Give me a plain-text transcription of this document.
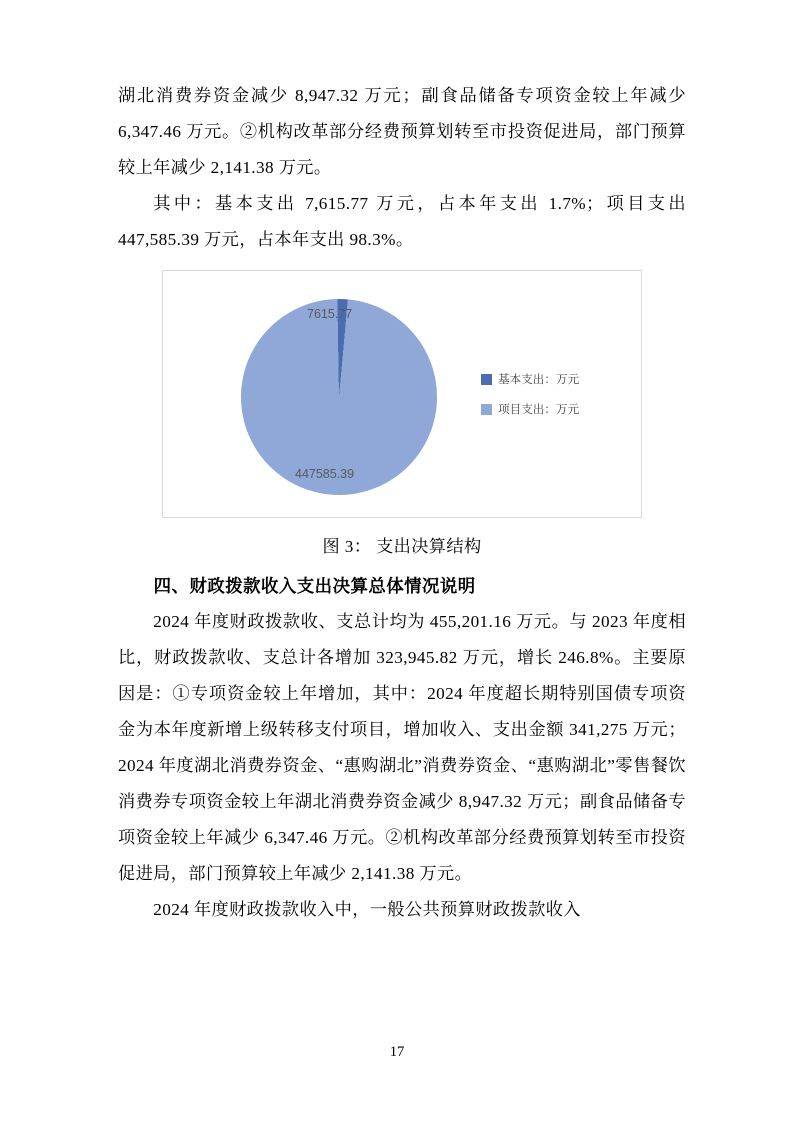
湖北消费券资金减少 8,947.32 万元；副食品储备专项资金较上年减少 6,347.46 万元。②机构改革部分经费预算划转至市投资促进局，部门预算较上年减少 2,141.38 万元。

其中：基本支出 7,615.77 万元，占本年支出 1.7%；项目支出 447,585.39 万元，占本年支出 98.3%。

7615.77
447585.39
基本支出：万元
项目支出：万元
图 3： 支出决算结构
四、财政拨款收入支出决算总体情况说明

2024 年度财政拨款收、支总计均为 455,201.16 万元。与 2023 年度相比，财政拨款收、支总计各增加 323,945.82 万元，增长 246.8%。主要原因是：①专项资金较上年增加，其中：2024 年度超长期特别国债专项资金为本年度新增上级转移支付项目，增加收入、支出金额 341,275 万元；2024 年度湖北消费券资金、“惠购湖北”消费券资金、“惠购湖北”零售餐饮消费券专项资金较上年湖北消费券资金减少 8,947.32 万元；副食品储备专项资金较上年减少 6,347.46 万元。②机构改革部分经费预算划转至市投资促进局，部门预算较上年减少 2,141.38 万元。

2024 年度财政拨款收入中，一般公共预算财政拨款收入

17
